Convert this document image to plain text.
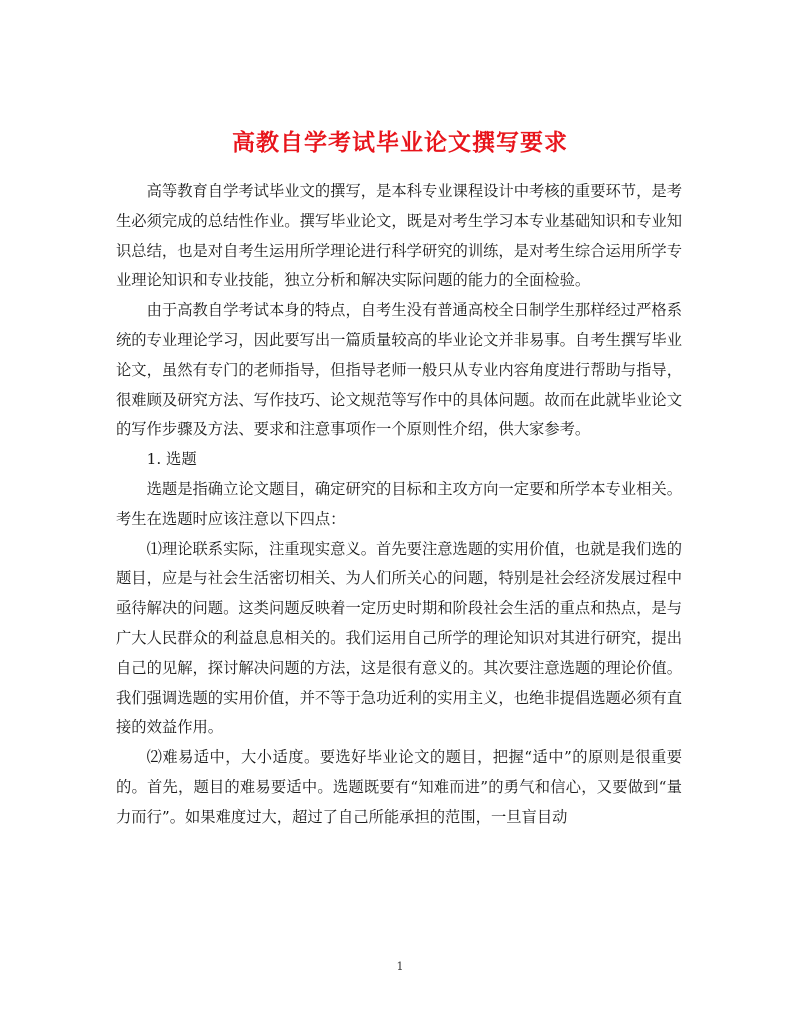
高教自学考试毕业论文撰写要求

高等教育自学考试毕业文的撰写，是本科专业课程设计中考核的重要环节，是考生必须完成的总结性作业。撰写毕业论文，既是对考生学习本专业基础知识和专业知识总结，也是对自考生运用所学理论进行科学研究的训练，是对考生综合运用所学专业理论知识和专业技能，独立分析和解决实际问题的能力的全面检验。

由于高教自学考试本身的特点，自考生没有普通高校全日制学生那样经过严格系统的专业理论学习，因此要写出一篇质量较高的毕业论文并非易事。自考生撰写毕业论文，虽然有专门的老师指导，但指导老师一般只从专业内容角度进行帮助与指导，很难顾及研究方法、写作技巧、论文规范等写作中的具体问题。故而在此就毕业论文的写作步骤及方法、要求和注意事项作一个原则性介绍，供大家参考。

1. 选题

选题是指确立论文题目，确定研究的目标和主攻方向一定要和所学本专业相关。考生在选题时应该注意以下四点：

⑴理论联系实际，注重现实意义。首先要注意选题的实用价值，也就是我们选的题目，应是与社会生活密切相关、为人们所关心的问题，特别是社会经济发展过程中亟待解决的问题。这类问题反映着一定历史时期和阶段社会生活的重点和热点，是与广大人民群众的利益息息相关的。我们运用自己所学的理论知识对其进行研究，提出自己的见解，探讨解决问题的方法，这是很有意义的。其次要注意选题的理论价值。我们强调选题的实用价值，并不等于急功近利的实用主义，也绝非提倡选题必须有直接的效益作用。

⑵难易适中，大小适度。要选好毕业论文的题目，把握“适中”的原则是很重要的。首先，题目的难易要适中。选题既要有“知难而进”的勇气和信心，又要做到“量力而行”。如果难度过大，超过了自己所能承担的范围，一旦盲目动

1
